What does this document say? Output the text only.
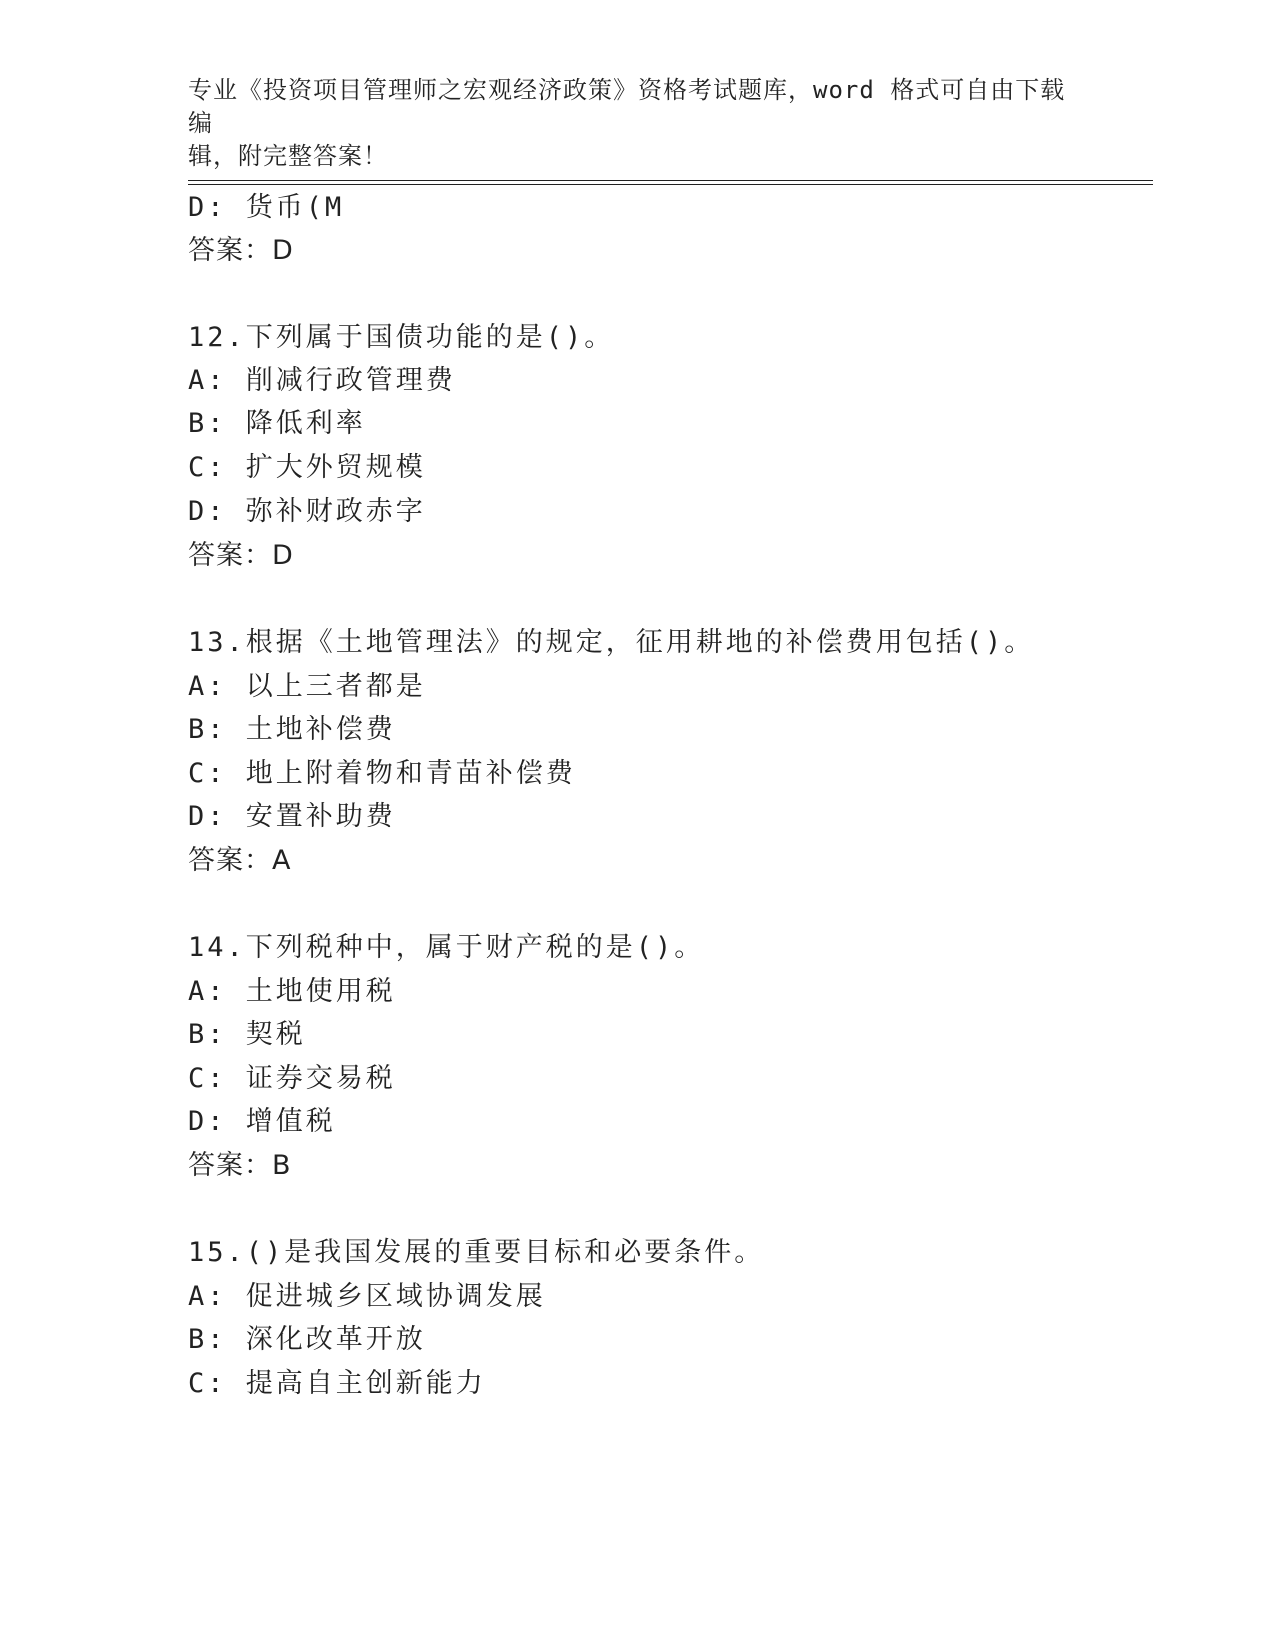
专业《投资项目管理师之宏观经济政策》资格考试题库，word 格式可自由下载编
辑，附完整答案！
D: 货币(M
答案：D
12.下列属于国债功能的是()。
A: 削减行政管理费
B: 降低利率
C: 扩大外贸规模
D: 弥补财政赤字
答案：D
13.根据《土地管理法》的规定，征用耕地的补偿费用包括()。
A: 以上三者都是
B: 土地补偿费
C: 地上附着物和青苗补偿费
D: 安置补助费
答案：A
14.下列税种中，属于财产税的是()。
A: 土地使用税
B: 契税
C: 证券交易税
D: 增值税
答案：B
15.()是我国发展的重要目标和必要条件。
A: 促进城乡区域协调发展
B: 深化改革开放
C: 提高自主创新能力
